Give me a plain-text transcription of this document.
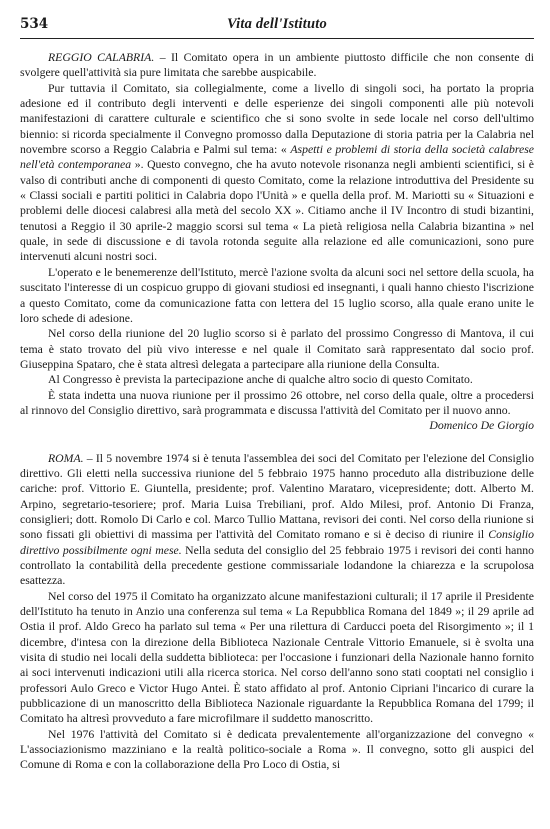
534	Vita dell'Istituto

REGGIO CALABRIA. – Il Comitato opera in un ambiente piuttosto difficile che non consente di svolgere quell'attività sia pure limitata che sarebbe auspicabile.

Pur tuttavia il Comitato, sia collegialmente, come a livello di singoli soci, ha portato la propria adesione ed il contributo degli interventi e delle esperienze dei singoli componenti alle più notevoli manifestazioni di carattere culturale e scientifico che si sono svolte in sede locale nel corso dell'ultimo biennio: si ricorda specialmente il Convegno promosso dalla Deputazione di storia patria per la Calabria nel novembre scorso a Reggio Calabria e Palmi sul tema: « Aspetti e problemi di storia della società calabrese nell'età contemporanea ». Questo convegno, che ha avuto notevole risonanza negli ambienti scientifici, si è valso di contributi anche di componenti di questo Comitato, come la relazione introduttiva del Presidente su « Classi sociali e partiti politici in Calabria dopo l'Unità » e quella della prof. M. Mariotti su « Situazioni e problemi delle diocesi calabresi alla metà del secolo XX ». Citiamo anche il IV Incontro di studi bizantini, tenutosi a Reggio il 30 aprile-2 maggio scorsi sul tema « La pietà religiosa nella Calabria bizantina » nel quale, in sede di discussione e di tavola rotonda seguite alla relazione ed alle comunicazioni, sono pure intervenuti alcuni nostri soci.

L'operato e le benemerenze dell'Istituto, mercè l'azione svolta da alcuni soci nel settore della scuola, ha suscitato l'interesse di un cospicuo gruppo di giovani studiosi ed insegnanti, i quali hanno chiesto l'iscrizione a questo Comitato, come da comunicazione fatta con lettera del 15 luglio scorso, alla quale erano unite le loro schede di adesione.

Nel corso della riunione del 20 luglio scorso si è parlato del prossimo Congresso di Mantova, il cui tema è stato trovato del più vivo interesse e nel quale il Comitato sarà rappresentato dal socio prof. Giuseppina Spataro, che è stata altresì delegata a partecipare alla riunione della Consulta.

Al Congresso è prevista la partecipazione anche di qualche altro socio di questo Comitato.

È stata indetta una nuova riunione per il prossimo 26 ottobre, nel corso della quale, oltre a procedersi al rinnovo del Consiglio direttivo, sarà programmata e discussa l'attività del Comitato per il nuovo anno.

Domenico De Giorgio

ROMA. – Il 5 novembre 1974 si è tenuta l'assemblea dei soci del Comitato per l'elezione del Consiglio direttivo. Gli eletti nella successiva riunione del 5 febbraio 1975 hanno proceduto alla distribuzione delle cariche: prof. Vittorio E. Giuntella, presidente; prof. Valentino Marataro, vicepresidente; dott. Alberto M. Arpino, segretario-tesoriere; prof. Maria Luisa Trebiliani, prof. Aldo Milesi, prof. Antonio Di Franza, consiglieri; dott. Romolo Di Carlo e col. Marco Tullio Mattana, revisori dei conti. Nel corso della riunione si sono fissati gli obiettivi di massima per l'attività del Comitato romano e si è deciso di riunire il Consiglio direttivo possibilmente ogni mese. Nella seduta del consiglio del 25 febbraio 1975 i revisori dei conti hanno controllato la contabilità della precedente gestione commissariale lodandone la chiarezza e la scrupolosa esattezza.

Nel corso del 1975 il Comitato ha organizzato alcune manifestazioni culturali; il 17 aprile il Presidente dell'Istituto ha tenuto in Anzio una conferenza sul tema « La Repubblica Romana del 1849 »; il 29 aprile ad Ostia il prof. Aldo Greco ha parlato sul tema « Per una rilettura di Carducci poeta del Risorgimento »; il 1 dicembre, d'intesa con la direzione della Biblioteca Nazionale Centrale Vittorio Emanuele, si è svolta una visita di studio nei locali della suddetta biblioteca: per l'occasione i funzionari della Nazionale hanno fornito ai soci intervenuti indicazioni utili alla ricerca storica. Nel corso dell'anno sono stati cooptati nel consiglio i professori Aulo Greco e Victor Hugo Antei. È stato affidato al prof. Antonio Cipriani l'incarico di curare la pubblicazione di un manoscritto della Biblioteca Nazionale riguardante la Repubblica Romana del 1799; il Comitato ha altresì provveduto a fare microfilmare il suddetto manoscritto.

Nel 1976 l'attività del Comitato si è dedicata prevalentemente all'organizzazione del convegno « L'associazionismo mazziniano e la realtà politico-sociale a Roma ». Il convegno, sotto gli auspici del Comune di Roma e con la collaborazione della Pro Loco di Ostia, si
